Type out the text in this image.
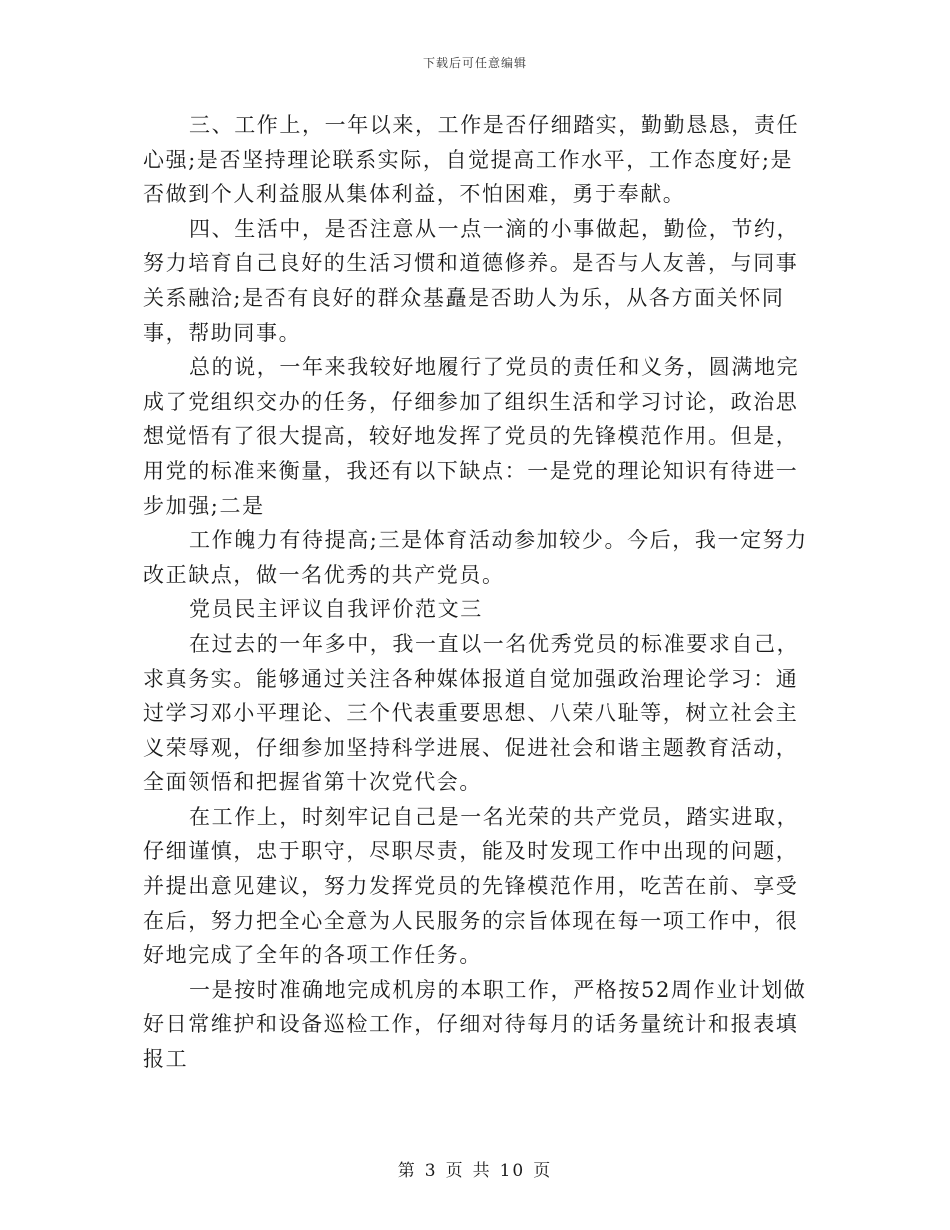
下载后可任意编辑

三、工作上，一年以来，工作是否仔细踏实，勤勤恳恳，责任心强;是否坚持理论联系实际，自觉提高工作水平，工作态度好;是否做到个人利益服从集体利益，不怕困难，勇于奉献。

四、生活中，是否注意从一点一滴的小事做起，勤俭，节约，努力培育自己良好的生活习惯和道德修养。是否与人友善，与同事关系融洽;是否有良好的群众基矗是否助人为乐，从各方面关怀同事，帮助同事。

总的说，一年来我较好地履行了党员的责任和义务，圆满地完成了党组织交办的任务，仔细参加了组织生活和学习讨论，政治思想觉悟有了很大提高，较好地发挥了党员的先锋模范作用。但是，用党的标准来衡量，我还有以下缺点：一是党的理论知识有待进一步加强;二是

工作魄力有待提高;三是体育活动参加较少。今后，我一定努力改正缺点，做一名优秀的共产党员。

党员民主评议自我评价范文三

在过去的一年多中，我一直以一名优秀党员的标准要求自己，求真务实。能够通过关注各种媒体报道自觉加强政治理论学习：通过学习邓小平理论、三个代表重要思想、八荣八耻等，树立社会主义荣辱观，仔细参加坚持科学进展、促进社会和谐主题教育活动，全面领悟和把握省第十次党代会。

在工作上，时刻牢记自己是一名光荣的共产党员，踏实进取，仔细谨慎，忠于职守，尽职尽责，能及时发现工作中出现的问题，并提出意见建议，努力发挥党员的先锋模范作用，吃苦在前、享受在后，努力把全心全意为人民服务的宗旨体现在每一项工作中，很好地完成了全年的各项工作任务。

一是按时准确地完成机房的本职工作，严格按52周作业计划做好日常维护和设备巡检工作，仔细对待每月的话务量统计和报表填报工

第 3 页 共 10 页
